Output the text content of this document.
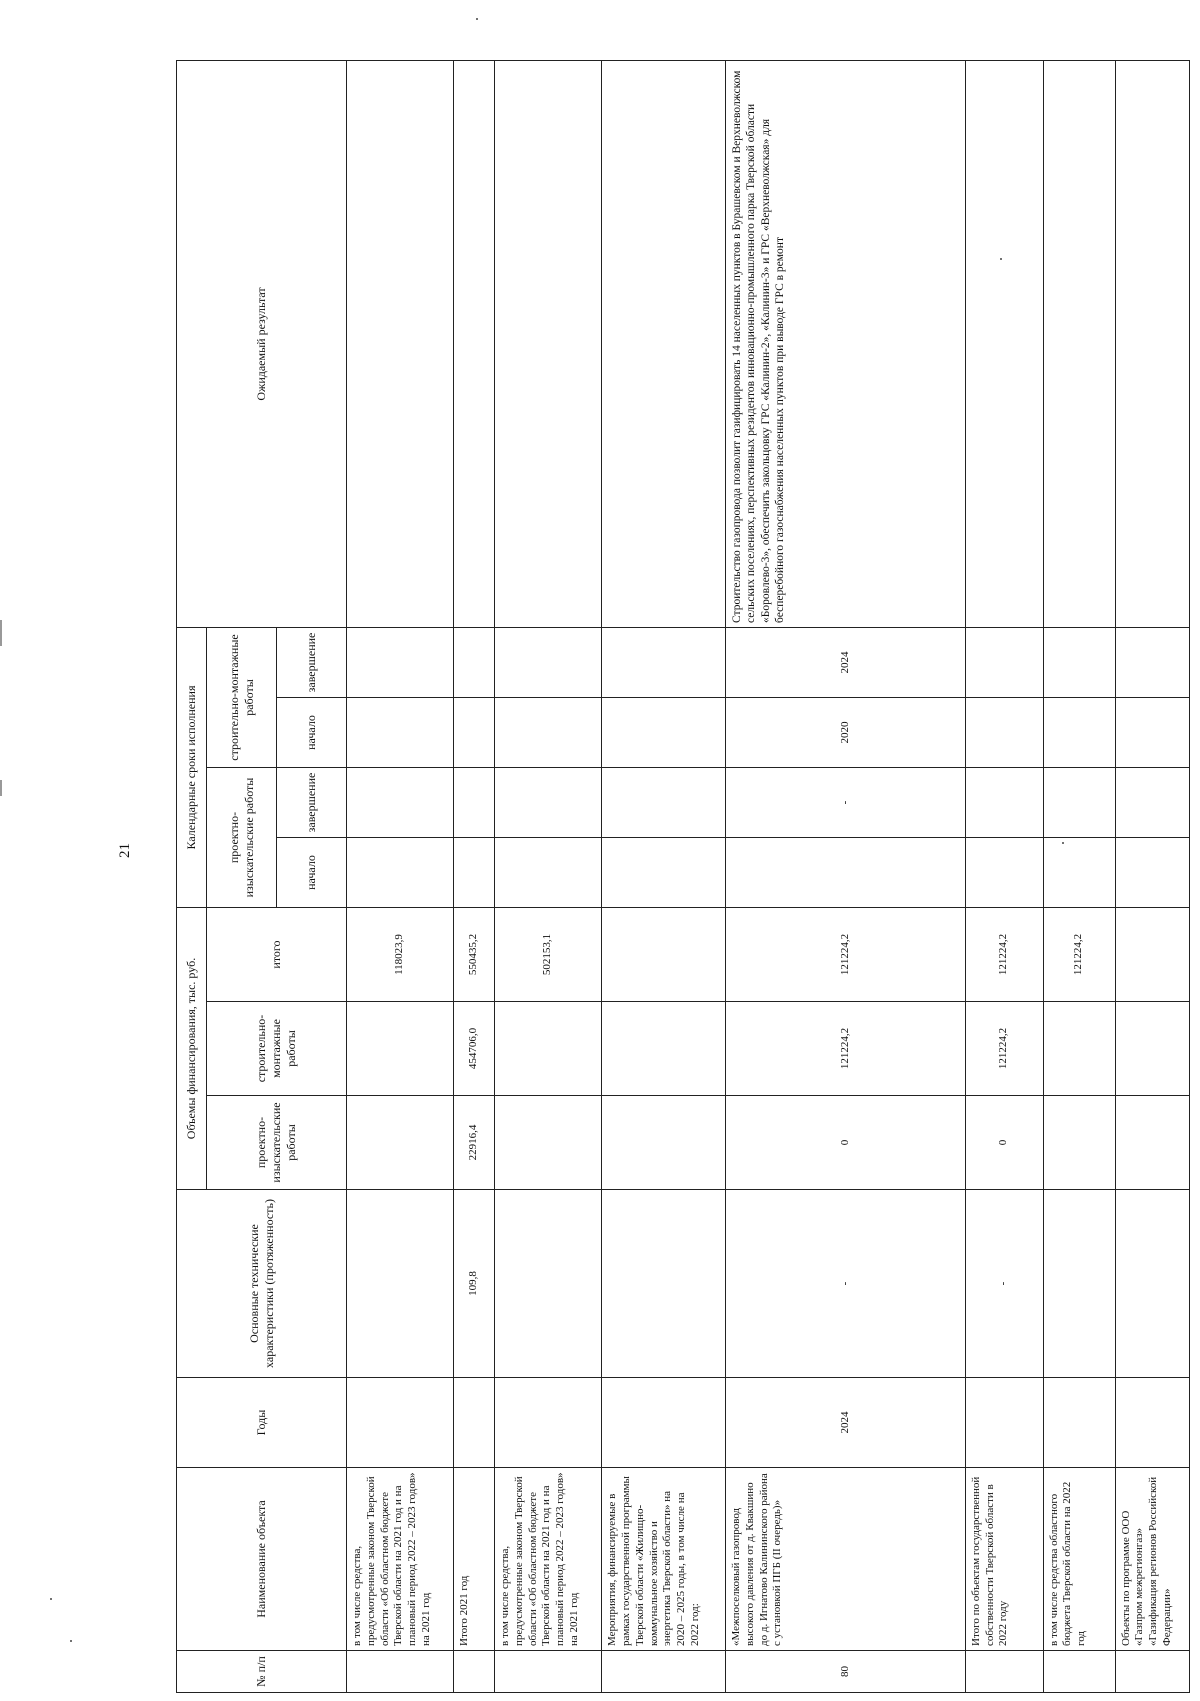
21
№ п/п	Наименование объекта	Годы	Основные технические характеристики (протяженность)	Объемы финансирования, тыс. руб.			Календарные сроки исполнения				Ожидаемый результат
				проектно-изыскательские работы	строительно-монтажные работы	итого	проектно-изыскательские работы		строительно-монтажные работы		
							начало	завершение	начало	завершение	
	в том числе средства, предусмотренные законом Тверской области «Об областном бюджете Тверской области на 2021 год и на плановый период 2022 – 2023 годов» на 2021 год					118023,9					
	Итого 2021 год		109,8	22916,4	454706,0	550435,2					
	в том числе средства, предусмотренные законом Тверской области «Об областном бюджете Тверской области на 2021 год и на плановый период 2022 – 2023 годов» на 2021 год					502153,1					
	Мероприятия, финансируемые в рамках государственной программы Тверской области «Жилищно-коммунальное хозяйство и энергетика Тверской области» на 2020 – 2025 годы, в том числе на 2022 год:										
80	«Межпоселковый газопровод высокого давления от д. Квакшино до д. Игнатово Калининского района с установкой ПГБ (II очередь)»	2024	-	0	121224,2	121224,2		-	2020	2024	Строительство газопровода позволит газифицировать 14 населенных пунктов в Бурашевском и Верхневолжском сельских поселениях, перспективных резидентов инновационно-промышленного парка Тверской области «Боровлево-3», обеспечить закольцовку ГРС «Калинин-2», «Калинин-3» и ГРС «Верхневолжская» для бесперебойного газоснабжения населенных пунктов при выводе ГРС в ремонт
	Итого по объектам государственной собственности Тверской области в 2022 году		-	0	121224,2	121224,2					
	в том числе средства областного бюджета Тверской области на 2022 год					121224,2					
	Объекты по программе ООО «Газпром межрегионгаз» «Газификация регионов Российской Федерации»										
